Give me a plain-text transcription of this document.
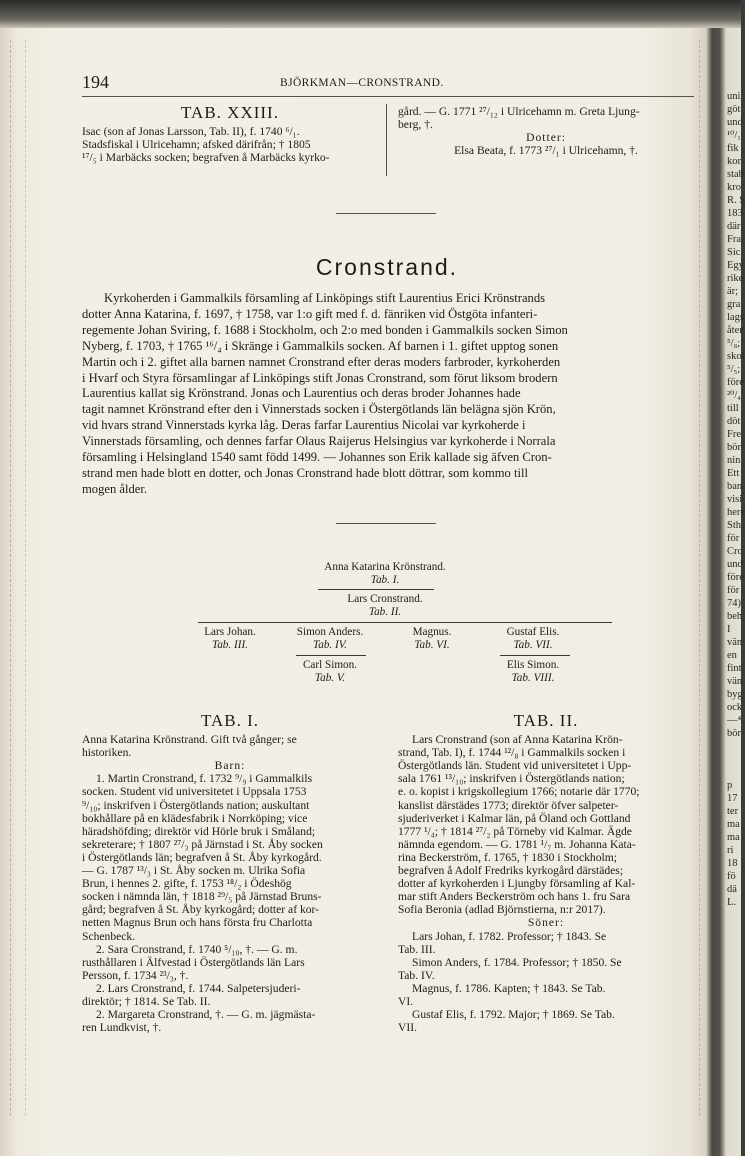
uni
göt
und
¹⁰/₁
fik
kor
stab
kro
R. S
183
där
Fra
Sic
Egy
rike
är;
gra
lags
åter
⁵/₈;
skol
⁵/₅;
före
²⁰/₄
till
döt
Fre
bör
nin
Ett
ban
visi
here
Sth
för
Cro
und
före
för
74)
beh
I
vän
en
fint
vän
byg
ock
—⁴
bör
p
17
ter
ma
ma
ri
18
fö
dä
L.
194	BJÖRKMAN—CRONSTRAND.
TAB. XXIII.

Isac (son af Jonas Larsson, Tab. II), f. 1740 ⁶/₁.

Stadsfiskal i Ulricehamn; afsked därifrån; † 1805

¹⁷/₅ i Marbäcks socken; begrafven å Marbäcks kyrko-

gård. — G. 1771 ²⁷/₁₂ i Ulricehamn m. Greta Ljung-

berg, †.

Dotter:

Elsa Beata, f. 1773 ²⁷/₁ i Ulricehamn, †.

Cronstrand.

Kyrkoherden i Gammalkils församling af Linköpings stift Laurentius Erici Krönstrands

dotter Anna Katarina, f. 1697, † 1758, var 1:o gift med f. d. fänriken vid Östgöta infanteri-
regemente Johan Sviring, f. 1688 i Stockholm, och 2:o med bonden i Gammalkils socken Simon
Nyberg, f. 1703, † 1765 ¹⁶/₄ i Skränge i Gammalkils socken. Af barnen i 1. giftet upptog sonen
Martin och i 2. giftet alla barnen namnet Cronstrand efter deras moders farbroder, kyrkoherden
i Hvarf och Styra församlingar af Linköpings stift Jonas Cronstrand, som förut liksom brodern
Laurentius kallat sig Krönstrand. Jonas och Laurentius och deras broder Johannes hade
tagit namnet Krönstrand efter den i Vinnerstads socken i Östergötlands län belägna sjön Krön,
vid hvars strand Vinnerstads kyrka låg. Deras farfar Laurentius Nicolai var kyrkoherde i
Vinnerstads församling, och dennes farfar Olaus Raijerus Helsingius var kyrkoherde i Norrala
församling i Helsingland 1540 samt född 1499. — Johannes son Erik kallade sig äfven Cron-
strand men hade blott en dotter, och Jonas Cronstrand hade blott döttrar, som kommo till
mogen ålder.
Anna Katarina Krönstrand.
Tab. I.
Lars Cronstrand.
Tab. II.
Lars Johan.
Tab. III.
Simon Anders.
Tab. IV.
Magnus.
Tab. VI.
Gustaf Elis.
Tab. VII.
Carl Simon.
Tab. V.
Elis Simon.
Tab. VIII.
TAB. I.

Anna Katarina Krönstrand. Gift två gånger; se

historiken.

Barn:

1. Martin Cronstrand, f. 1732 ⁹/₉ i Gammalkils

socken. Student vid universitetet i Uppsala 1753

⁹/₁₀; inskrifven i Östergötlands nation; auskultant

bokhållare på en klädesfabrik i Norrköping; vice

häradshöfding; direktör vid Hörle bruk i Småland;

sekreterare; † 1807 ²⁷/₃ på Järnstad i St. Åby socken

i Östergötlands län; begrafven å St. Åby kyrkogård.

— G. 1787 ¹³/₃ i St. Åby socken m. Ulrika Sofia

Brun, i hennes 2. gifte, f. 1753 ¹⁸/₂ i Ödeshög

socken i nämnda län, † 1818 ²⁹/₅ på Järnstad Bruns-

gård; begrafven å St. Åby kyrkogård; dotter af kor-

netten Magnus Brun och hans första fru Charlotta

Schenbeck.

2. Sara Cronstrand, f. 1740 ⁵/₁₀, †. — G. m.

rusthållaren i Älfvestad i Östergötlands län Lars

Persson, f. 1734 ²³/₃, †.

2. Lars Cronstrand, f. 1744. Salpetersjuderi-

direktör; † 1814. Se Tab. II.

2. Margareta Cronstrand, †. — G. m. jägmästa-

ren Lundkvist, †.

TAB. II.

Lars Cronstrand (son af Anna Katarina Krön-

strand, Tab. I), f. 1744 ¹²/₈ i Gammalkils socken i

Östergötlands län. Student vid universitetet i Upp-

sala 1761 ¹³/₁₀; inskrifven i Östergötlands nation;

e. o. kopist i krigskollegium 1766; notarie där 1770;

kanslist därstädes 1773; direktör öfver salpeter-

sjuderiverket i Kalmar län, på Öland och Gottland

1777 ¹/₄; † 1814 ²⁷/₂ på Törneby vid Kalmar. Ägde

nämnda egendom. — G. 1781 ¹/₇ m. Johanna Kata-

rina Beckerström, f. 1765, † 1830 i Stockholm;

begrafven å Adolf Fredriks kyrkogård därstädes;

dotter af kyrkoherden i Ljungby församling af Kal-

mar stift Anders Beckerström och hans 1. fru Sara

Sofia Beronia (adlad Björnstierna, n:r 2017).

Söner:

Lars Johan, f. 1782. Professor; † 1843. Se

Tab. III.

Simon Anders, f. 1784. Professor; † 1850. Se

Tab. IV.

Magnus, f. 1786. Kapten; † 1843. Se Tab.

VI.

Gustaf Elis, f. 1792. Major; † 1869. Se Tab.

VII.
